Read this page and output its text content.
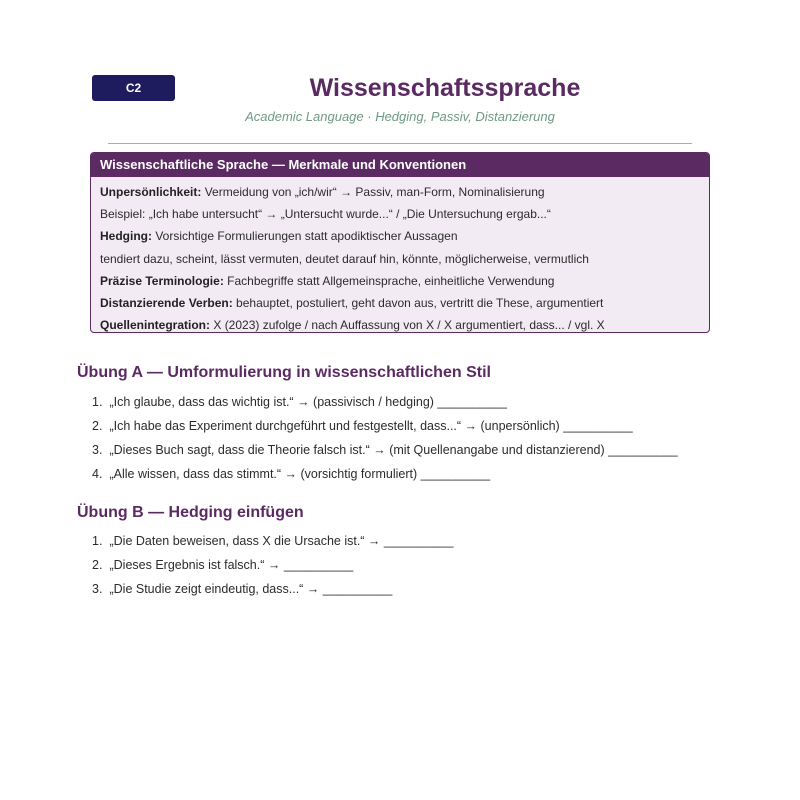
C2	Wissenschaftssprache
Academic Language · Hedging, Passiv, Distanzierung
Wissenschaftliche Sprache — Merkmale und Konventionen
Unpersönlichkeit: Vermeidung von „ich/wir“ → Passiv, man-Form, Nominalisierung
Beispiel: „Ich habe untersucht“ → „Untersucht wurde...“ / „Die Untersuchung ergab...“
Hedging: Vorsichtige Formulierungen statt apodiktischer Aussagen
tendiert dazu, scheint, lässt vermuten, deutet darauf hin, könnte, möglicherweise, vermutlich
Präzise Terminologie: Fachbegriffe statt Allgemeinsprache, einheitliche Verwendung
Distanzierende Verben: behauptet, postuliert, geht davon aus, vertritt die These, argumentiert
Quellenintegration: X (2023) zufolge / nach Auffassung von X / X argumentiert, dass... / vgl. X
Übung A — Umformulierung in wissenschaftlichen Stil
1. „Ich glaube, dass das wichtig ist.“ → (passivisch / hedging) __________
2. „Ich habe das Experiment durchgeführt und festgestellt, dass...“ → (unpersönlich) __________
3. „Dieses Buch sagt, dass die Theorie falsch ist.“ → (mit Quellenangabe und distanzierend) __________
4. „Alle wissen, dass das stimmt.“ → (vorsichtig formuliert) __________
Übung B — Hedging einfügen
1. „Die Daten beweisen, dass X die Ursache ist.“ → __________
2. „Dieses Ergebnis ist falsch.“ → __________
3. „Die Studie zeigt eindeutig, dass...“ → __________
